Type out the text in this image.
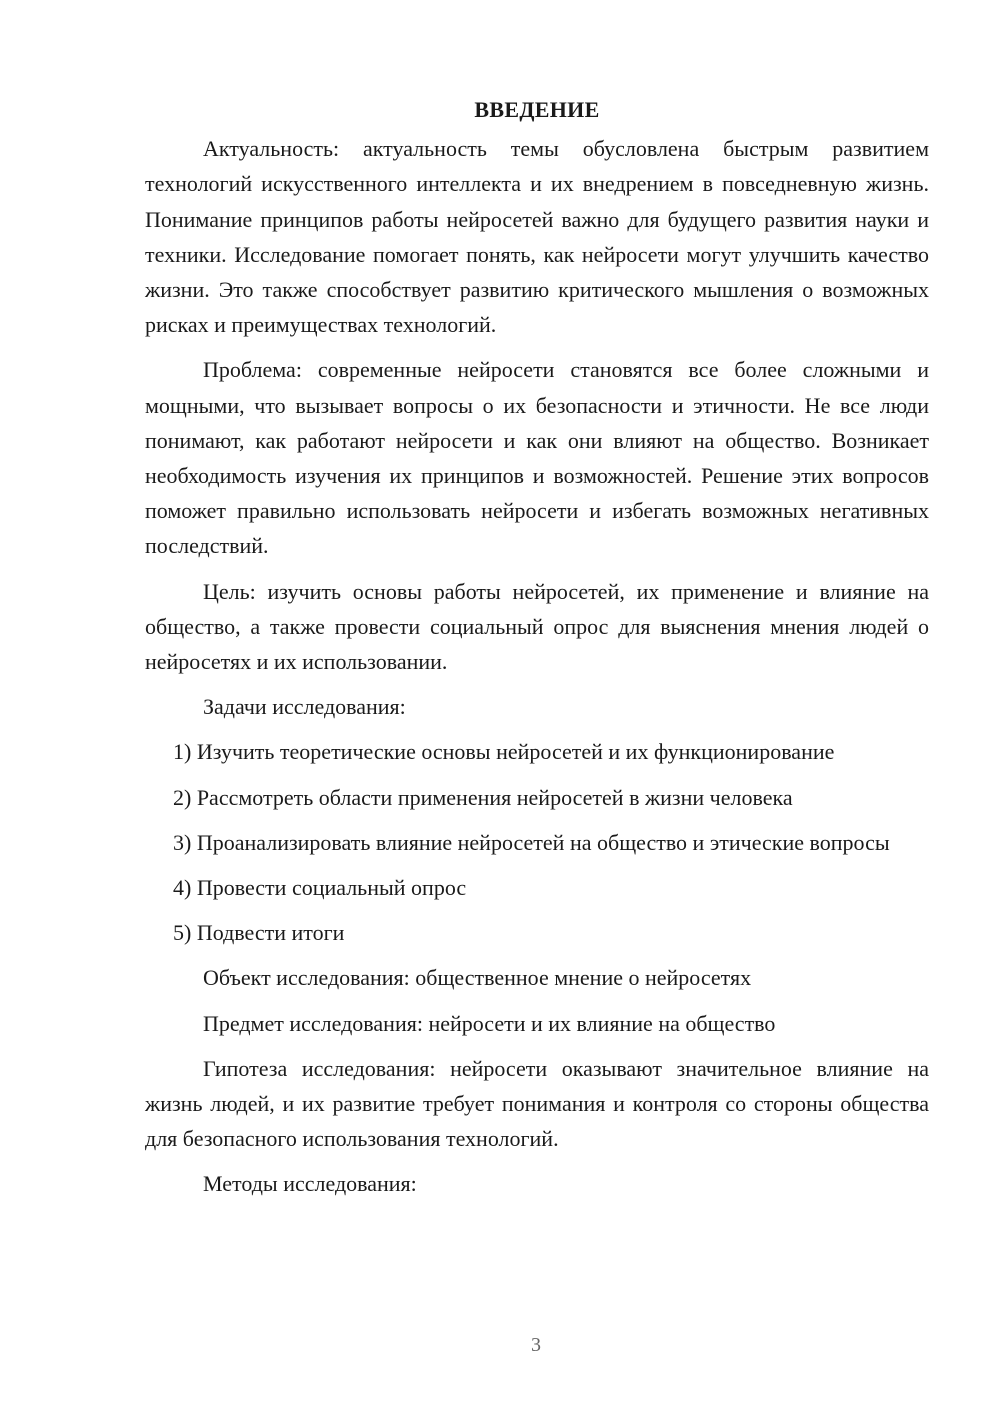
ВВЕДЕНИЕ

Актуальность: актуальность темы обусловлена быстрым развитием технологий искусственного интеллекта и их внедрением в повседневную жизнь. Понимание принципов работы нейросетей важно для будущего развития науки и техники. Исследование помогает понять, как нейросети могут улучшить качество жизни. Это также способствует развитию критического мышления о возможных рисках и преимуществах технологий.

Проблема: современные нейросети становятся все более сложными и мощными, что вызывает вопросы о их безопасности и этичности. Не все люди понимают, как работают нейросети и как они влияют на общество. Возникает необходимость изучения их принципов и возможностей. Решение этих вопросов поможет правильно использовать нейросети и избегать возможных негативных последствий.

Цель: изучить основы работы нейросетей, их применение и влияние на общество, а также провести социальный опрос для выяснения мнения людей о нейросетях и их использовании.

Задачи исследования:

1) Изучить теоретические основы нейросетей и их функционирование

2) Рассмотреть области применения нейросетей в жизни человека

3) Проанализировать влияние нейросетей на общество и этические вопросы

4) Провести социальный опрос

5) Подвести итоги

Объект исследования: общественное мнение о нейросетях

Предмет исследования: нейросети и их влияние на общество

Гипотеза исследования: нейросети оказывают значительное влияние на жизнь людей, и их развитие требует понимания и контроля со стороны общества для безопасного использования технологий.

Методы исследования:

3
